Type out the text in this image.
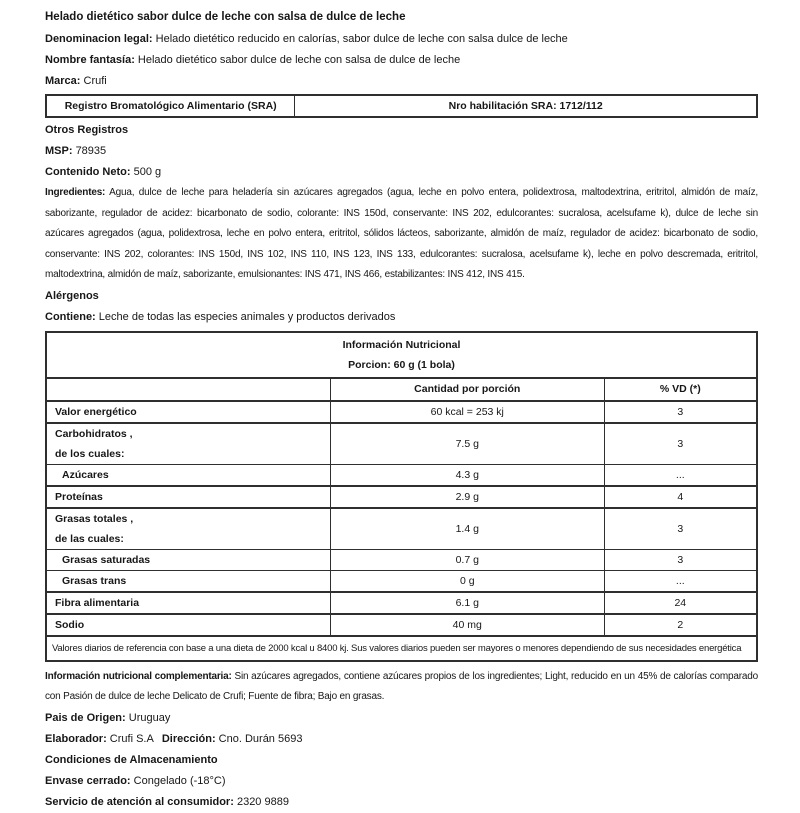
Helado dietético sabor dulce de leche con salsa de dulce de leche

Denominacion legal: Helado dietético reducido en calorías, sabor dulce de leche con salsa dulce de leche

Nombre fantasía: Helado dietético sabor dulce de leche con salsa de dulce de leche

Marca: Crufi

Registro Bromatológico Alimentario (SRA)	Nro habilitación SRA: 1712/112

Otros Registros

MSP: 78935

Contenido Neto: 500 g

Ingredientes: Agua, dulce de leche para heladería sin azúcares agregados (agua, leche en polvo entera, polidextrosa, maltodextrina, eritritol, almidón de maíz, saborizante, regulador de acidez: bicarbonato de sodio, colorante: INS 150d, conservante: INS 202, edulcorantes: sucralosa, acelsufame k), dulce de leche sin azúcares agregados (agua, polidextrosa, leche en polvo entera, eritritol, sólidos lácteos, saborizante, almidón de maíz, regulador de acidez: bicarbonato de sodio, conservante: INS 202, colorantes: INS 150d, INS 102, INS 110, INS 123, INS 133, edulcorantes: sucralosa, acelsufame k), leche en polvo descremada, eritritol, maltodextrina, almidón de maíz, saborizante, emulsionantes: INS 471, INS 466, estabilizantes: INS 412, INS 415.

Alérgenos

Contiene: Leche de todas las especies animales y productos derivados

Información Nutricional
Porcion: 60 g (1 bola)		

	Cantidad por porción	% VD (*)
Valor energético	60 kcal = 253 kj	3

Carbohidratos ,
de los cuales:	7.5 g	3
Azúcares	4.3 g	...
Proteínas	2.9 g	4

Grasas totales ,
de las cuales:	1.4 g	3
Grasas saturadas	0.7 g	3
Grasas trans	0 g	...
Fibra alimentaria	6.1 g	24
Sodio	40 mg	2
Valores diarios de referencia con base a una dieta de 2000 kcal u 8400 kj. Sus valores diarios pueden ser mayores o menores dependiendo de sus necesidades energética		

Información nutricional complementaria: Sin azúcares agregados, contiene azúcares propios de los ingredientes; Light, reducido en un 45% de calorías comparado con Pasión de dulce de leche Delicato de Crufi; Fuente de fibra; Bajo en grasas.

Pais de Origen: Uruguay

Elaborador: Crufi S.A Dirección: Cno. Durán 5693

Condiciones de Almacenamiento

Envase cerrado: Congelado (-18°C)

Servicio de atención al consumidor: 2320 9889
